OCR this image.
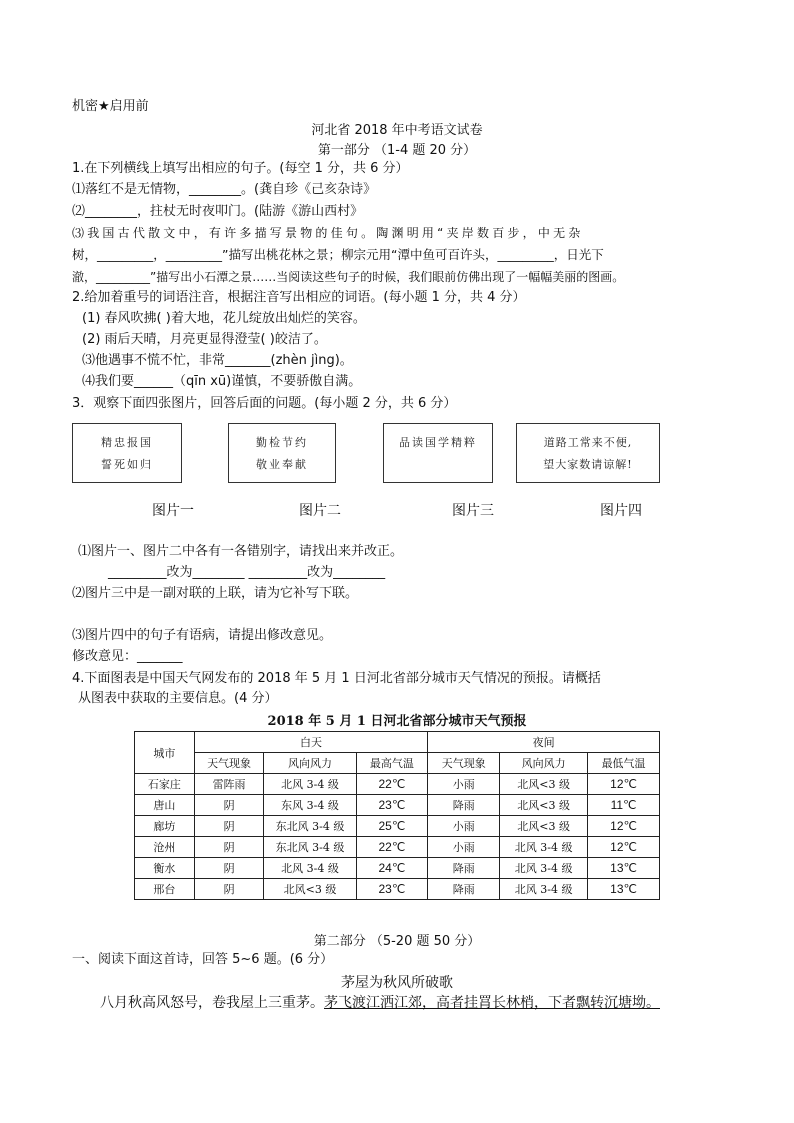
机密★启用前
河北省 2018 年中考语文试卷
第一部分 （1-4 题 20 分）
1.在下列横线上填写出相应的句子。(每空 1 分，共 6 分）
⑴落红不是无情物，________。(龚自珍《己亥杂诗》
⑵________，拄杖无时夜叩门。(陆游《游山西村》
⑶ 我 国 古 代 散 文 中 ， 有 许 多 描 写 景 物 的 佳 句 。 陶 渊 明 用 “ 夹 岸 数 百 步 ， 中 无 杂
树，_________，_________”描写出桃花林之景；柳宗元用“潭中鱼可百许头，_________，日光下
澈，_________”描写出小石潭之景……当阅读这些句子的时候，我们眼前仿佛出现了一幅幅美丽的图画。
2.给加着重号的词语注音，根据注音写出相应的词语。(每小题 1 分，共 4 分）
(1) 春风吹拂( )着大地，花儿绽放出灿烂的笑容。
(2) 雨后天晴，月亮更显得澄莹( )皎洁了。
⑶他遇事不慌不忙，非常_______(zhèn jìng)。
⑷我们要______（qīn xū)谨慎，不要骄傲自满。
3．观察下面四张图片，回答后面的问题。(每小题 2 分，共 6 分）
精忠报国
誓死如归
勤检节约
敬业奉献
品读国学精粹	道路工常来不便,
望大家数请谅解!
图片一	图片二	图片三	图片四
⑴图片一、图片二中各有一各错别字，请找出来并改正。
_________改为________ _________改为________
⑵图片三中是一副对联的上联，请为它补写下联。
⑶图片四中的句子有语病，请提出修改意见。
修改意见：_______
4.下面图表是中国天气网发布的 2018 年 5 月 1 日河北省部分城市天气情况的预报。请概括
从图表中获取的主要信息。(4 分）
2018 年 5 月 1 日河北省部分城市天气预报
城市	白天			夜间		
	天气现象	风向风力	最高气温	天气现象	风向风力	最低气温
石家庄	雷阵雨	北风 3-4 级	22℃	小雨	北风<3 级	12℃
唐山	阴	东风 3-4 级	23℃	降雨	北风<3 级	11℃
廊坊	阴	东北风 3-4 级	25℃	小雨	北风<3 级	12℃
沧州	阴	东北风 3-4 级	22℃	小雨	北风 3-4 级	12℃
衡水	阴	北风 3-4 级	24℃	降雨	北风 3-4 级	13℃
邢台	阴	北风<3 级	23℃	降雨	北风 3-4 级	13℃
第二部分 （5-20 题 50 分）
一、阅读下面这首诗，回答 5~6 题。(6 分）
茅屋为秋风所破歌
八月秋高风怒号，卷我屋上三重茅。茅飞渡江洒江郊，高者挂罥长林梢，下者飘转沉塘坳。
